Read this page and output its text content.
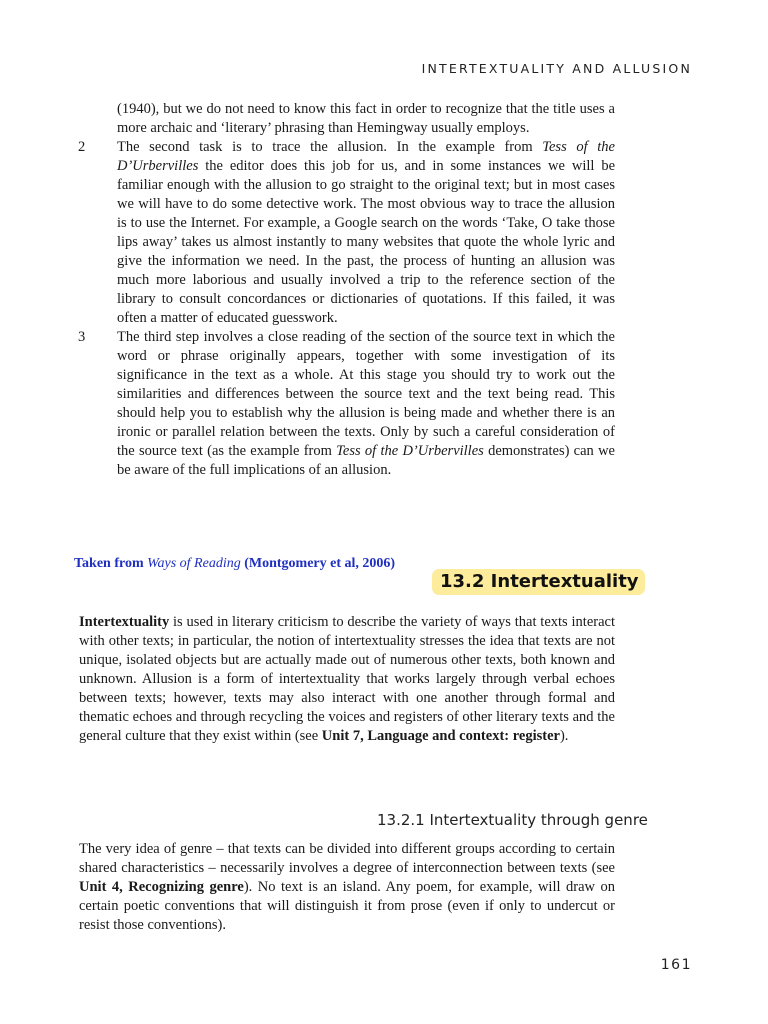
INTERTEXTUALITY AND ALLUSION
(1940), but we do not need to know this fact in order to recognize that the title uses a more archaic and ‘literary’ phrasing than Hemingway usually employs.
2 The second task is to trace the allusion. In the example from Tess of the D’Urbervilles the editor does this job for us, and in some instances we will be familiar enough with the allusion to go straight to the original text; but in most cases we will have to do some detective work. The most obvious way to trace the allusion is to use the Internet. For example, a Google search on the words ‘Take, O take those lips away’ takes us almost instantly to many websites that quote the whole lyric and give the information we need. In the past, the process of hunting an allusion was much more laborious and usually involved a trip to the reference section of the library to consult concordances or dictionaries of quotations. If this failed, it was often a matter of educated guesswork.
3 The third step involves a close reading of the section of the source text in which the word or phrase originally appears, together with some investigation of its significance in the text as a whole. At this stage you should try to work out the similarities and differences between the source text and the text being read. This should help you to establish why the allusion is being made and whether there is an ironic or parallel relation between the texts. Only by such a careful consideration of the source text (as the example from Tess of the D’Urbervilles demonstrates) can we be aware of the full implications of an allusion.
Taken from Ways of Reading (Montgomery et al, 2006)
13.2 Intertextuality
Intertextuality is used in literary criticism to describe the variety of ways that texts interact with other texts; in particular, the notion of intertextuality stresses the idea that texts are not unique, isolated objects but are actually made out of numerous other texts, both known and unknown. Allusion is a form of intertextuality that works largely through verbal echoes between texts; however, texts may also interact with one another through formal and thematic echoes and through recycling the voices and registers of other literary texts and the general culture that they exist within (see Unit 7, Language and context: register).
13.2.1 Intertextuality through genre
The very idea of genre – that texts can be divided into different groups according to certain shared characteristics – necessarily involves a degree of interconnection between texts (see Unit 4, Recognizing genre). No text is an island. Any poem, for example, will draw on certain poetic conventions that will distinguish it from prose (even if only to undercut or resist those conventions).
161
